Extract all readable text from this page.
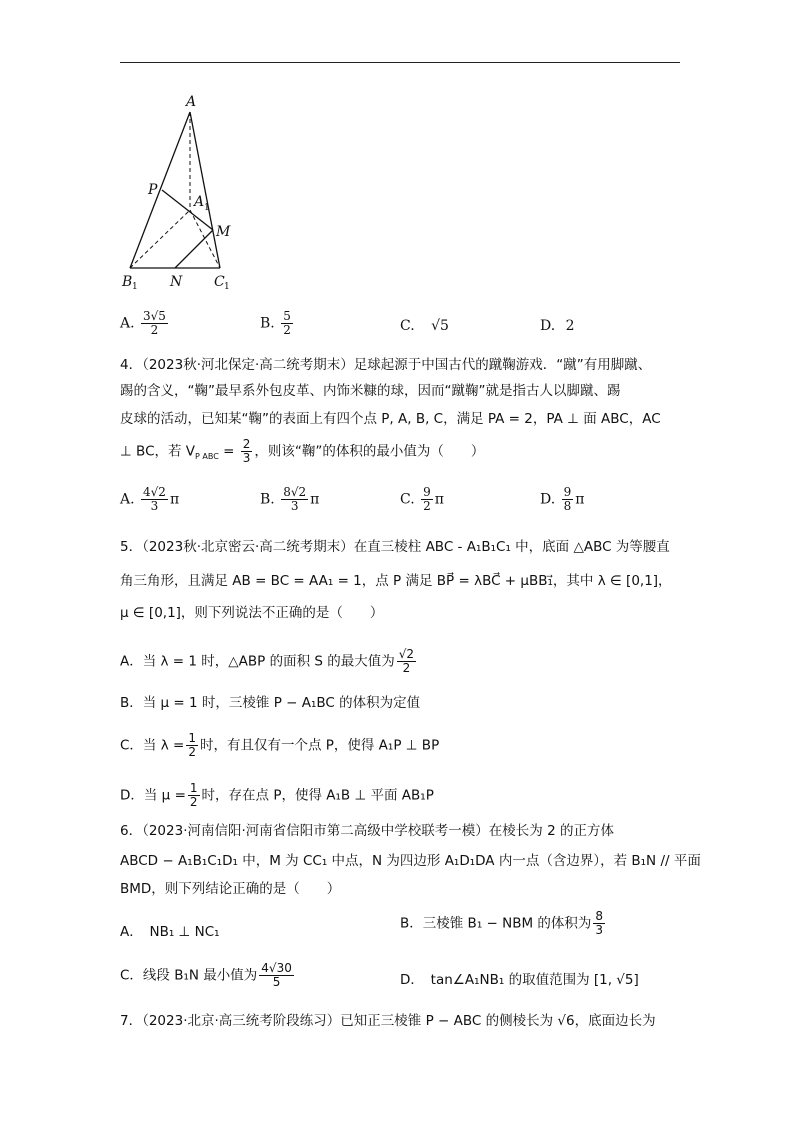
A
P
A 1
M
B 1 N C 1
A. $\frac{3√5}{2}$	B. $\frac{5}{2}$	C. √5	D. 2
4．（2023秋·河北保定·高二统考期末）足球起源于中国古代的蹴鞠游戏．“蹴”有用脚蹴、
踢的含义，“鞠”最早系外包皮革、内饰米糠的球，因而“蹴鞠”就是指古人以脚蹴、踢
皮球的活动，已知某“鞠”的表面上有四个点 P, A, B, C，满足 PA = 2，PA ⊥ 面 ABC，AC
⊥ BC，若 $V_{P ABC} = \frac{2}{3}$ ，则该“鞠”的体积的最小值为（　　）
A. $\frac{4√2}{3}$ π	B. $\frac{8√2}{3}$ π	C. $\frac{9}{2}$ π	D. $\frac{9}{8}$ π
5．（2023秋·北京密云·高二统考期末）在直三棱柱 ABC - A₁B₁C₁ 中，底面 △ABC 为等腰直
角三角形，且满足 AB = BC = AA₁ = 1，点 P 满足 BP⃗ = λBC⃗ + μBB₁⃗，其中 λ ∈ [0,1]，
μ ∈ [0,1]，则下列说法不正确的是（　　）
A．当 λ = 1 时，△ABP 的面积 S 的最大值为 $\frac{√2}{2}$
B．当 μ = 1 时，三棱锥 P − A₁BC 的体积为定值
C．当 $\lambda = \frac{1}{2}$ 时，有且仅有一个点 P，使得 A₁P ⊥ BP
D．当 $\mu = \frac{1}{2}$ 时，存在点 P，使得 A₁B ⊥ 平面 AB₁P
6．（2023·河南信阳·河南省信阳市第二高级中学校联考一模）在棱长为 2 的正方体
ABCD − A₁B₁C₁D₁ 中，M 为 CC₁ 中点，N 为四边形 A₁D₁DA 内一点（含边界），若 B₁N // 平面
BMD，则下列结论正确的是（　　）
A．　NB₁ ⊥ NC₁
B．三棱锥 B₁ − NBM 的体积为 $\frac{8}{3}$
C．线段 B₁N 最小值为 $\frac{4√30}{5}$	D．　tan∠A₁NB₁ 的取值范围为 [1, √5]
7．（2023·北京·高三统考阶段练习）已知正三棱锥 P − ABC 的侧棱长为 √6，底面边长为
